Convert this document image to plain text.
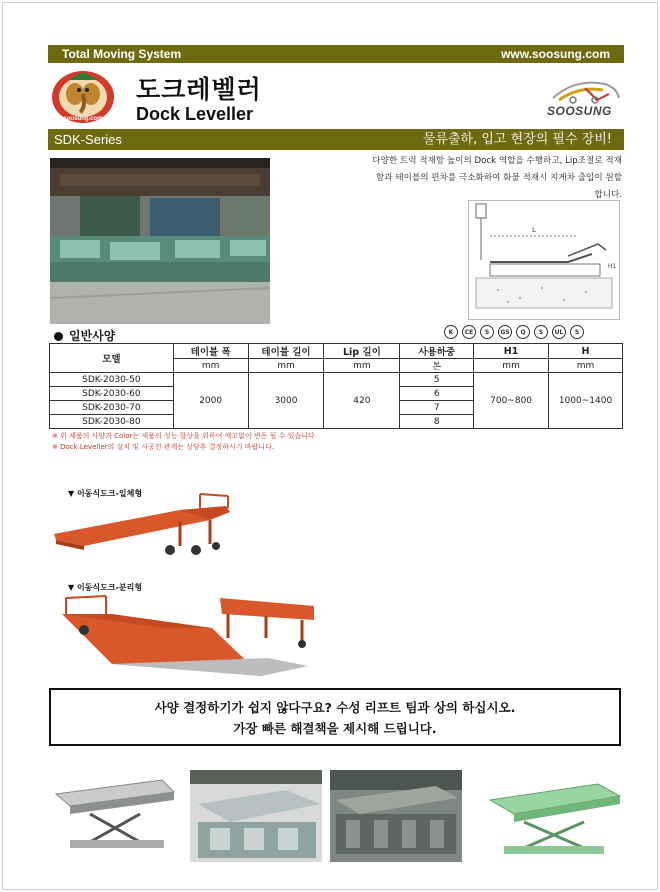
Total Moving System	www.soosung.com
soosung.com
도크레벨러
Dock Leveller	SOOSUNG
SDK-Series	물류출하, 입고 현장의 필수 장비!
다양한 트럭 적재함 높이의 Dock 역할을 수행하고, Lip조절로 적재
함과 테이블의 편차를 극소화하여 화물 적재시 지게차 출입이 원할
합니다.
L
H1
일반사양	K	CE	S	GS	Q	S	UL	S
모델	테이블 폭	테이블 길이	Lip 길이	사용하중	H1	H
	mm	mm	mm	톤	mm	mm
SDK-2030-50	2000	3000	420	5	700~800	1000~1400
SDK-2030-60				6		
SDK-2030-70				7		
SDK-2030-80				8		
※ 위 제품의 사양과 Color는 제품의 성능 향상을 위하여 예고없이 변동 될 수 있습니다.
※ Dock Leveller의 설치 및 시공전 관계는 상담후 결정하시기 바랍니다.
▼ 이동식도크-일체형
▼ 이동식도크-분리형
사양 결정하기가 쉽지 않다구요? 수성 리프트 팀과 상의 하십시오.
가장 빠른 해결책을 제시해 드립니다.
